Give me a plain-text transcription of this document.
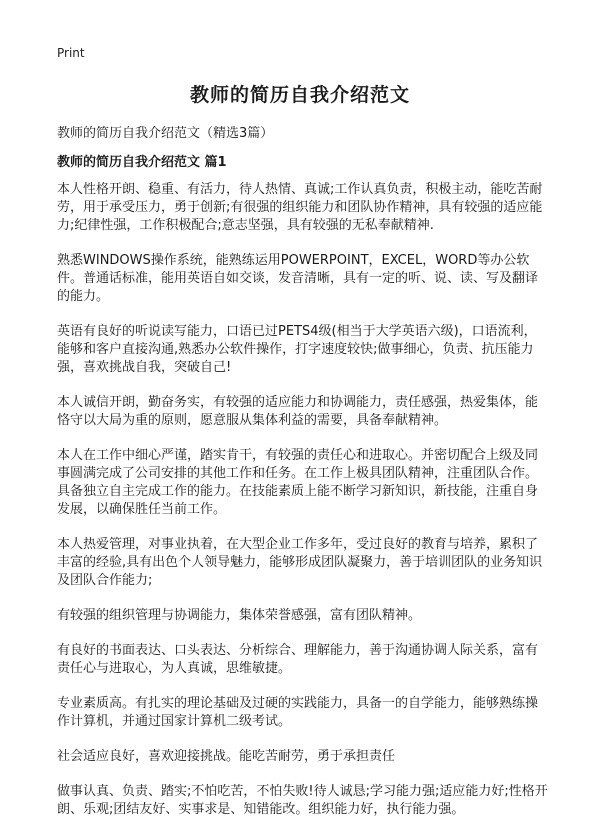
Print
教师的简历自我介绍范文
教师的简历自我介绍范文（精选3篇）
教师的简历自我介绍范文 篇1

本人性格开朗、稳重、有活力，待人热情、真诚;工作认真负责，积极主动，能吃苦耐劳，用于承受压力，勇于创新;有很强的组织能力和团队协作精神，具有较强的适应能力;纪律性强，工作积极配合;意志坚强，具有较强的无私奉献精神.

熟悉WINDOWS操作系统，能熟练运用POWERPOINT，EXCEL，WORD等办公软件。普通话标准，能用英语自如交谈，发音清晰，具有一定的听、说、读、写及翻译的能力。

英语有良好的听说读写能力，口语已过PETS4级(相当于大学英语六级)，口语流利，能够和客户直接沟通,熟悉办公软件操作，打字速度较快;做事细心，负责、抗压能力强，喜欢挑战自我，突破自己!

本人诚信开朗，勤奋务实，有较强的适应能力和协调能力，责任感强，热爱集体，能恪守以大局为重的原则，愿意服从集体利益的需要，具备奉献精神。

本人在工作中细心严谨，踏实肯干，有较强的责任心和进取心。并密切配合上级及同事圆满完成了公司安排的其他工作和任务。在工作上极具团队精神，注重团队合作。具备独立自主完成工作的能力。在技能素质上能不断学习新知识，新技能，注重自身发展，以确保胜任当前工作。

本人热爱管理，对事业执着，在大型企业工作多年，受过良好的教育与培养，累积了丰富的经验,具有出色个人领导魅力，能够形成团队凝聚力，善于培训团队的业务知识及团队合作能力;

有较强的组织管理与协调能力，集体荣誉感强，富有团队精神。

有良好的书面表达、口头表达、分析综合、理解能力，善于沟通协调人际关系，富有责任心与进取心，为人真诚，思维敏捷。

专业素质高。有扎实的理论基础及过硬的实践能力，具备一的自学能力，能够熟练操作计算机，并通过国家计算机二级考试。

社会适应良好，喜欢迎接挑战。能吃苦耐劳，勇于承担责任

做事认真、负责、踏实;不怕吃苦，不怕失败!待人诚恳;学习能力强;适应能力好;性格开朗、乐观;团结友好、实事求是、知错能改。组织能力好，执行能力强。
